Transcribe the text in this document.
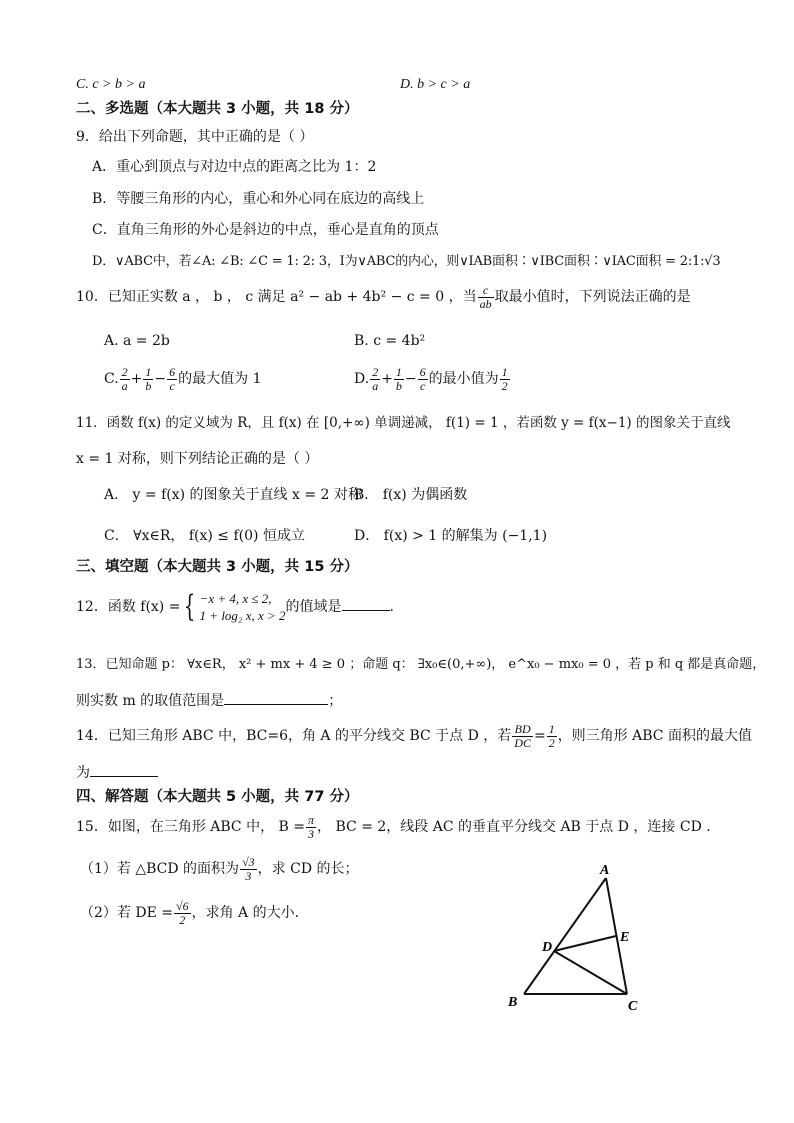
C. c > b > a	D. b > c > a
二、多选题（本大题共 3 小题，共 18 分）
9．给出下列命题，其中正确的是（ ）
A．重心到顶点与对边中点的距离之比为 1：2
B．等腰三角形的内心，重心和外心同在底边的高线上
C．直角三角形的外心是斜边的中点，垂心是直角的顶点
D．∨ABC中，若∠A: ∠B: ∠C = 1: 2: 3，I为∨ABC的内心，则∨IAB面积∶∨IBC面积∶∨IAC面积 = 2:1:√3
10．已知正实数 a ， b ， c 满足 a² − ab + 4b² − c = 0 ，当 $\frac{c}{ab}$ 取最小值时，下列说法正确的是
A. a = 2b	B. c = 4b²
C. $\frac{2}{a} + \frac{1}{b} - \frac{6}{c}$ 的最大值为 1	D. $\frac{2}{a} + \frac{1}{b} - \frac{6}{c}$ 的最小值为 $\frac{1}{2}$
11．函数 f(x) 的定义域为 R，且 f(x) 在 [0,+∞) 单调递减， f(1) = 1 ，若函数 y = f(x−1) 的图象关于直线
x = 1 对称，则下列结论正确的是（ ）
A． y = f(x) 的图象关于直线 x = 2 对称
B． f(x) 为偶函数
C． ∀x∈R， f(x) ≤ f(0) 恒成立	D． f(x) > 1 的解集为 (−1,1)
三、填空题（本大题共 3 小题，共 15 分）
12．函数 f(x) = { −x + 4, x ≤ 2,
1 + log₂ x, x > 2
的值域是	.
13．已知命题 p： ∀x∈R， x² + mx + 4 ≥ 0 ；命题 q： ∃x₀∈(0,+∞)， e^x₀ − mx₀ = 0 ，若 p 和 q 都是真命题，
则实数 m 的取值范围是	；
14．已知三角形 ABC 中，BC=6，角 A 的平分线交 BC 于点 D ，若 $\frac{BD}{DC} = \frac{1}{2}$ ，则三角形 ABC 面积的最大值
为
四、解答题（本大题共 5 小题，共 77 分）
15．如图，在三角形 ABC 中， $B = \frac{\pi}{3}$ ， BC = 2，线段 AC 的垂直平分线交 AB 于点 D ，连接 CD .
（1）若 △BCD 的面积为 $\frac{√3}{3}$ ，求 CD 的长；
（2）若 DE = $\frac{√6}{2}$ ，求角 A 的大小.
A
B	C
D
E
